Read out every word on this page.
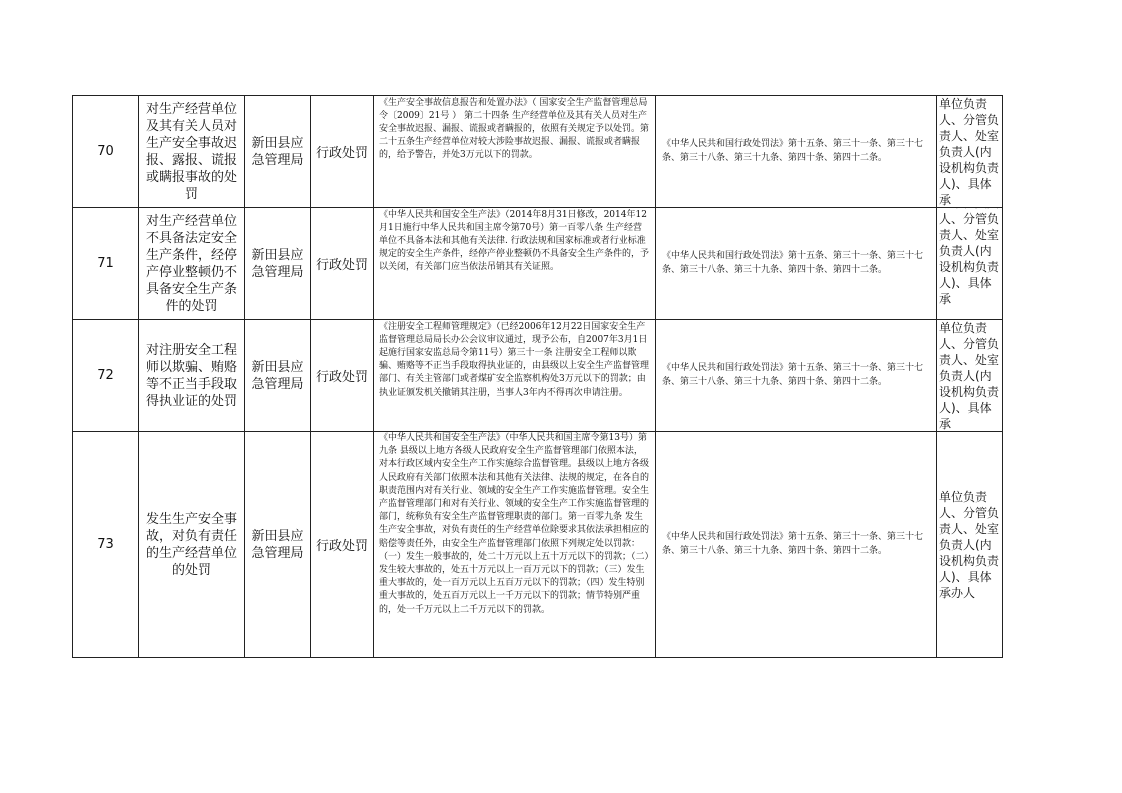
70	对生产经营单位及其有关人员对生产安全事故迟报、露报、谎报或瞒报事故的处罚	新田县应急管理局	行政处罚	《生产安全事故信息报告和处置办法》（ 国家安全生产监督管理总局令〔2009〕21号 ） 第二十四条 生产经营单位及其有关人员对生产安全事故迟报、漏报、谎报或者瞒报的，依照有关规定予以处罚。第二十五条生产经营单位对较大涉险事故迟报、漏报、谎报或者瞒报的，给予警告，并处3万元以下的罚款。	《中华人民共和国行政处罚法》第十五条、第三十一条、第三十七条、第三十八条、第三十九条、第四十条、第四十二条。	单位负责人、分管负责人、处室负责人(内设机构负责人)、具体承

71	对生产经营单位不具备法定安全生产条件，经停产停业整顿仍不具备安全生产条件的处罚	新田县应急管理局	行政处罚	《中华人民共和国安全生产法》（2014年8月31日修改，2014年12月1日施行中华人民共和国主席令第70号）第一百零八条 生产经营单位不具备本法和其他有关法律. 行政法规和国家标准或者行业标准规定的安全生产条件，经停产停业整顿仍不具备安全生产条件的，予以关闭，有关部门应当依法吊销其有关证照。	《中华人民共和国行政处罚法》第十五条、第三十一条、第三十七条、第三十八条、第三十九条、第四十条、第四十二条。	人、分管负责人、处室负责人(内设机构负责人)、具体承

72	对注册安全工程师以欺骗、贿赂等不正当手段取得执业证的处罚	新田县应急管理局	行政处罚	《注册安全工程师管理规定》（已经2006年12月22日国家安全生产监督管理总局局长办公会议审议通过，现予公布，自2007年3月1日起施行国家安监总局令第11号）第三十一条 注册安全工程师以欺骗、贿赂等不正当手段取得执业证的，由县级以上安全生产监督管理部门、有关主管部门或者煤矿安全监察机构处3万元以下的罚款；由执业证颁发机关撤销其注册，当事人3年内不得再次申请注册。	《中华人民共和国行政处罚法》第十五条、第三十一条、第三十七条、第三十八条、第三十九条、第四十条、第四十二条。	单位负责人、分管负责人、处室负责人(内设机构负责人)、具体承

73	发生生产安全事故，对负有责任的生产经营单位的处罚	新田县应急管理局	行政处罚	《中华人民共和国安全生产法》（中华人民共和国主席令第13号）第九条 县级以上地方各级人民政府安全生产监督管理部门依照本法，对本行政区域内安全生产工作实施综合监督管理。县级以上地方各级人民政府有关部门依照本法和其他有关法律、法规的规定，在各自的职责范围内对有关行业、领域的安全生产工作实施监督管理。安全生产监督管理部门和对有关行业、领域的安全生产工作实施监督管理的部门，统称负有安全生产监督管理职责的部门。第一百零九条 发生生产安全事故，对负有责任的生产经营单位除要求其依法承担相应的赔偿等责任外，由安全生产监督管理部门依照下列规定处以罚款：（一）发生一般事故的，处二十万元以上五十万元以下的罚款；（二）发生较大事故的，处五十万元以上一百万元以下的罚款；（三）发生重大事故的，处一百万元以上五百万元以下的罚款；（四）发生特别重大事故的，处五百万元以上一千万元以下的罚款；情节特别严重的，处一千万元以上二千万元以下的罚款。	《中华人民共和国行政处罚法》第十五条、第三十一条、第三十七条、第三十八条、第三十九条、第四十条、第四十二条。	单位负责人、分管负责人、处室负责人(内设机构负责人)、具体承办人
